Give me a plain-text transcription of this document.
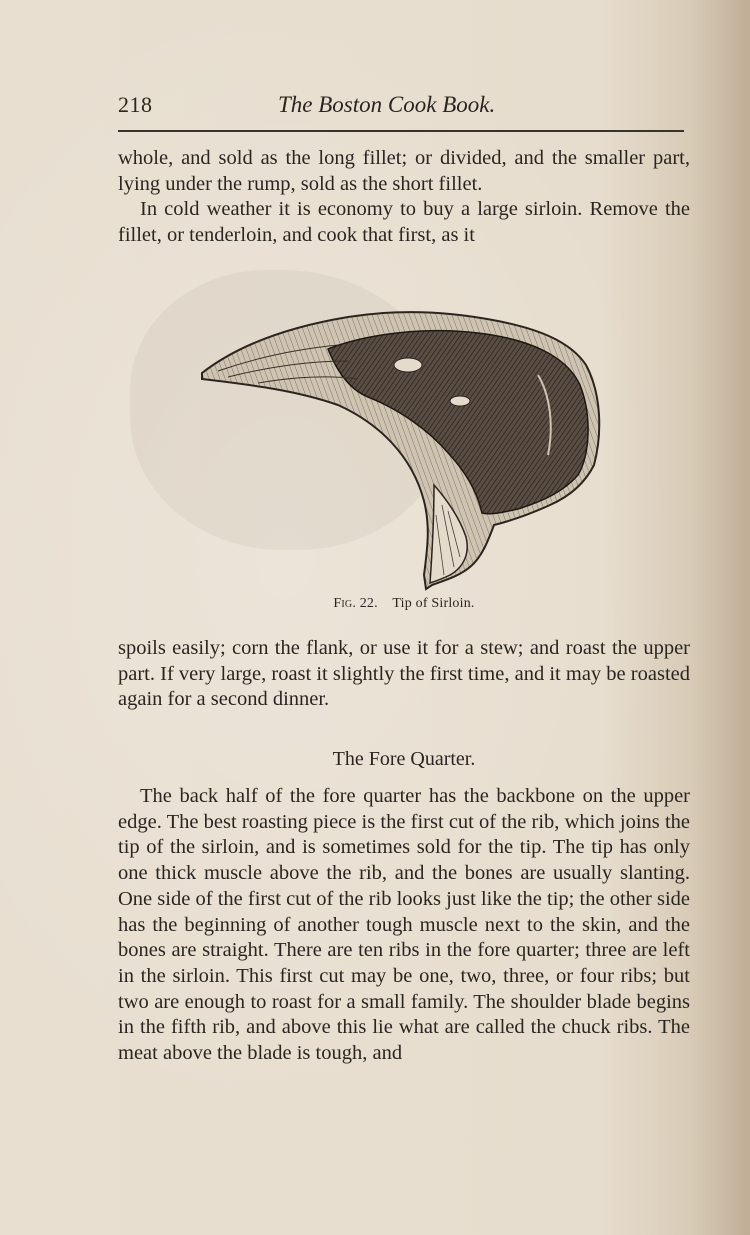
218	The Boston Cook Book.

whole, and sold as the long fillet; or divided, and the smaller part, lying under the rump, sold as the short fillet.

In cold weather it is economy to buy a large sirloin. Remove the fillet, or tenderloin, and cook that first, as it

Fig. 22. Tip of Sirloin.

spoils easily; corn the flank, or use it for a stew; and roast the upper part. If very large, roast it slightly the first time, and it may be roasted again for a second dinner.

The Fore Quarter.

The back half of the fore quarter has the backbone on the upper edge. The best roasting piece is the first cut of the rib, which joins the tip of the sirloin, and is sometimes sold for the tip. The tip has only one thick muscle above the rib, and the bones are usually slanting. One side of the first cut of the rib looks just like the tip; the other side has the beginning of another tough muscle next to the skin, and the bones are straight. There are ten ribs in the fore quarter; three are left in the sirloin. This first cut may be one, two, three, or four ribs; but two are enough to roast for a small family. The shoulder blade begins in the fifth rib, and above this lie what are called the chuck ribs. The meat above the blade is tough, and
